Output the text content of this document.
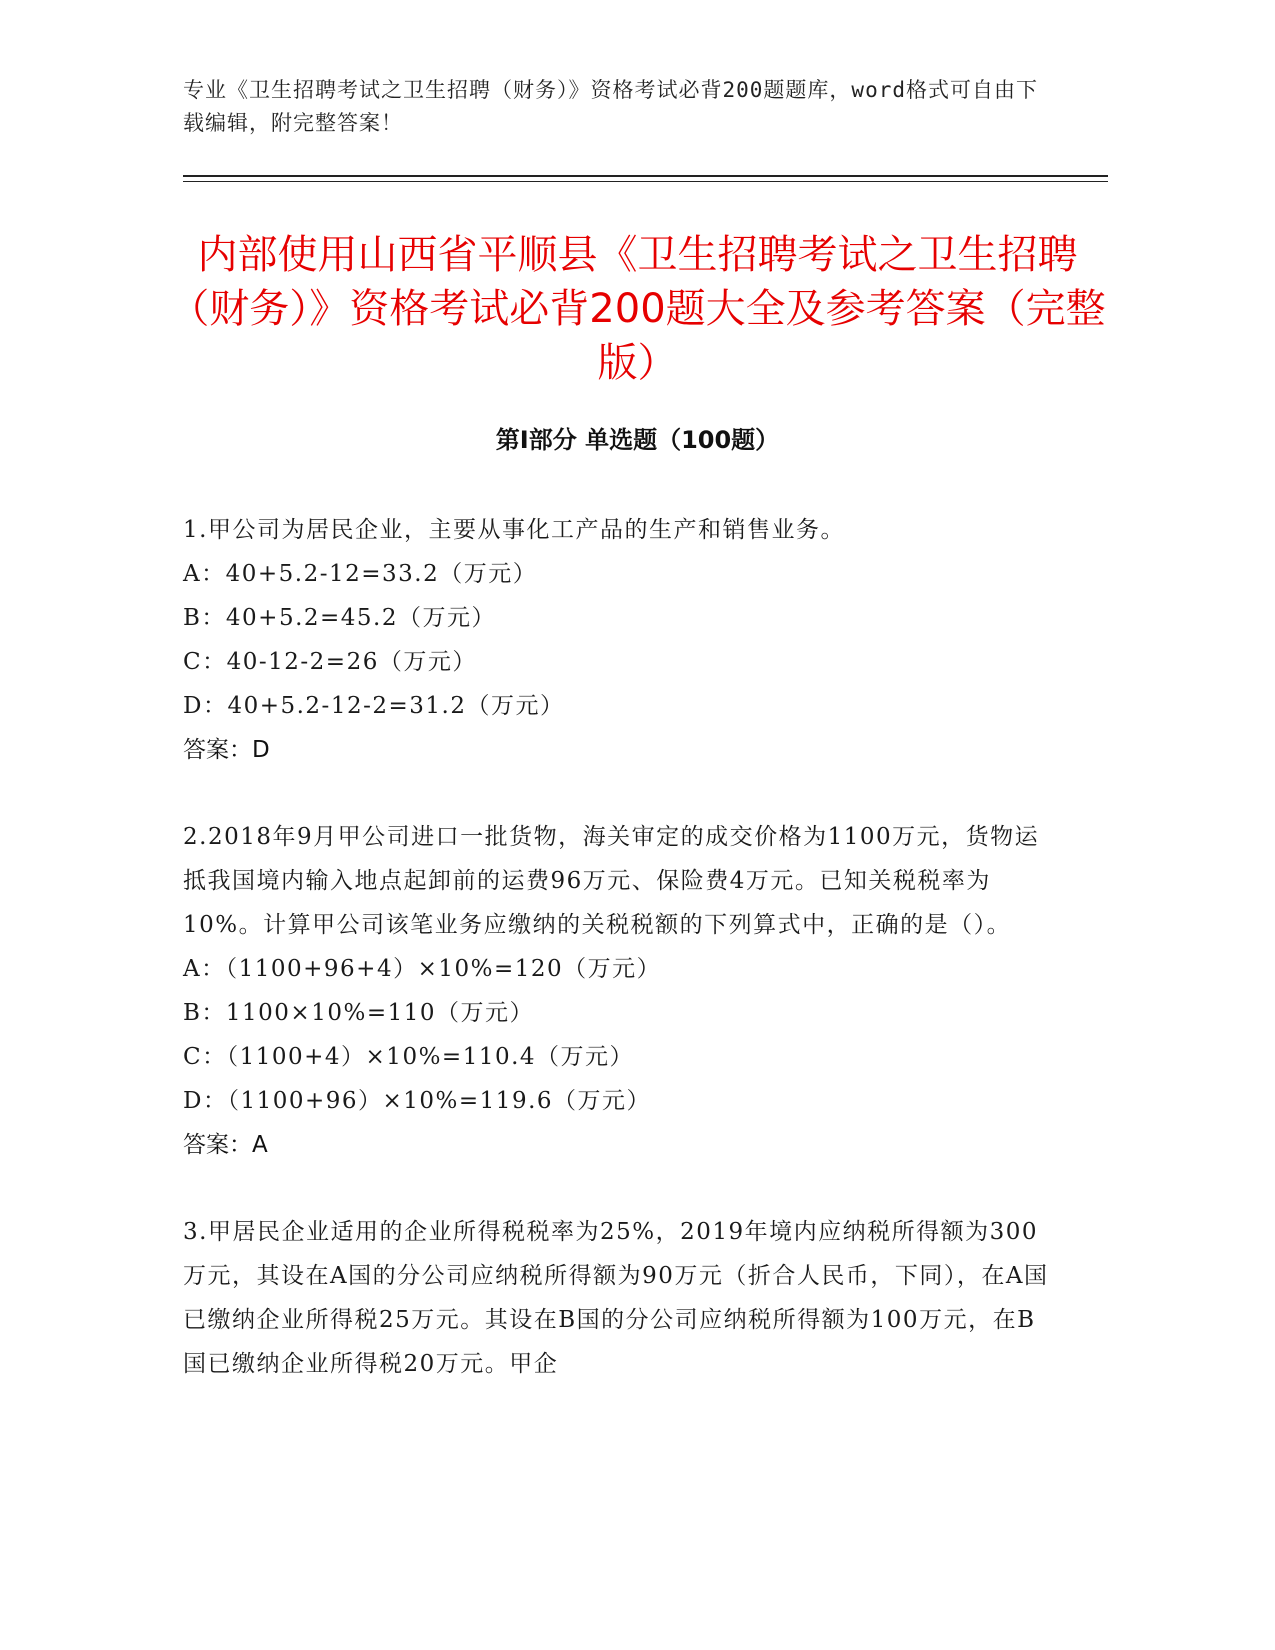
专业《卫生招聘考试之卫生招聘（财务）》资格考试必背200题题库，word格式可自由下载编辑，附完整答案！
内部使用山西省平顺县《卫生招聘考试之卫生招聘（财务）》资格考试必背200题大全及参考答案（完整版）
第Ⅰ部分 单选题（100题）

1.甲公司为居民企业，主要从事化工产品的生产和销售业务。

A：40+5.2-12=33.2（万元）

B：40+5.2=45.2（万元）

C：40-12-2=26（万元）

D：40+5.2-12-2=31.2（万元）

答案：D

2.2018年9月甲公司进口一批货物，海关审定的成交价格为1100万元，货物运抵我国境内输入地点起卸前的运费96万元、保险费4万元。已知关税税率为10%。计算甲公司该笔业务应缴纳的关税税额的下列算式中，正确的是（）。

A：（1100+96+4）×10%=120（万元）

B：1100×10%=110（万元）

C：（1100+4）×10%=110.4（万元）

D：（1100+96）×10%=119.6（万元）

答案：A

3.甲居民企业适用的企业所得税税率为25%，2019年境内应纳税所得额为300万元，其设在A国的分公司应纳税所得额为90万元（折合人民币，下同），在A国已缴纳企业所得税25万元。其设在B国的分公司应纳税所得额为100万元，在B国已缴纳企业所得税20万元。甲企
